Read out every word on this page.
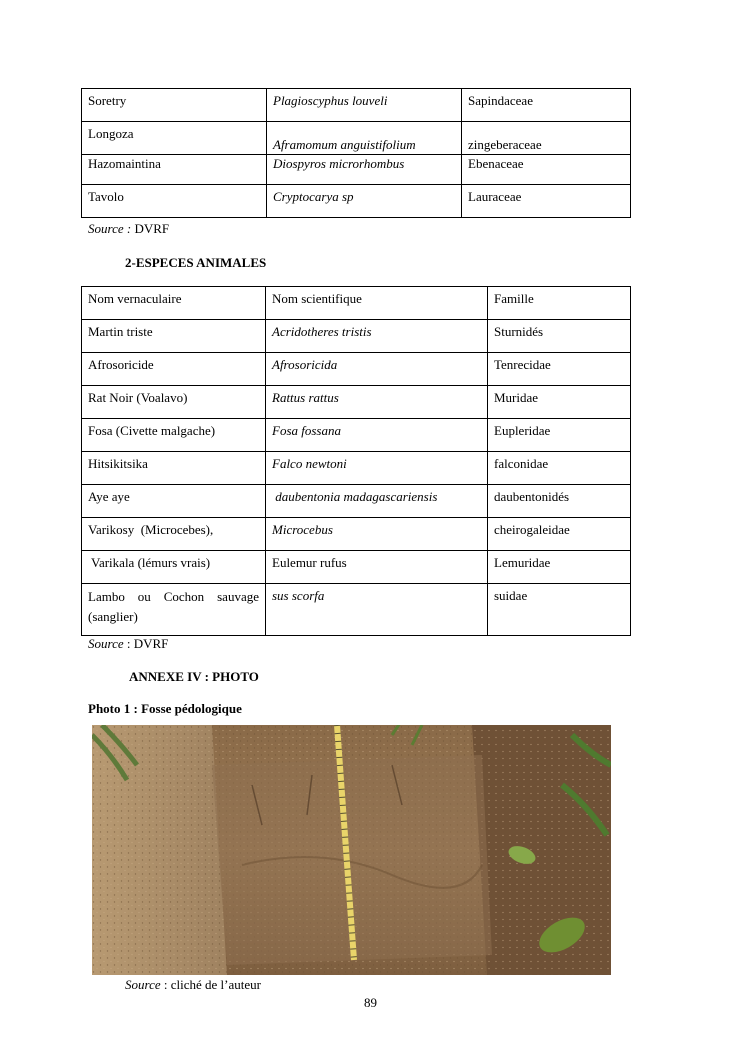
Soretry	Plagioscyphus louveli	Sapindaceae
Longoza	Aframomum anguistifolium	zingeberaceae
Hazomaintina	Diospyros microrhombus	Ebenaceae
Tavolo	Cryptocarya sp	Lauraceae
Source : DVRF
2-ESPECES ANIMALES
Nom vernaculaire	Nom scientifique	Famille
Martin triste	Acridotheres tristis	Sturnidés
Afrosoricide	Afrosoricida	Tenrecidae
Rat Noir (Voalavo)	Rattus rattus	Muridae
Fosa (Civette malgache)	Fosa fossana	Eupleridae
Hitsikitsika	Falco newtoni	falconidae
Aye aye	daubentonia madagascariensis	daubentonidés
Varikosy  (Microcebes),	Microcebus	cheirogaleidae
Varikala (lémurs vrais)	Eulemur rufus	Lemuridae

Lambo ou Cochon sauvage
(sanglier)	sus scorfa	suidae
Source : DVRF
ANNEXE IV : PHOTO
Photo 1 : Fosse pédologique
Source : cliché de l’auteur
89
